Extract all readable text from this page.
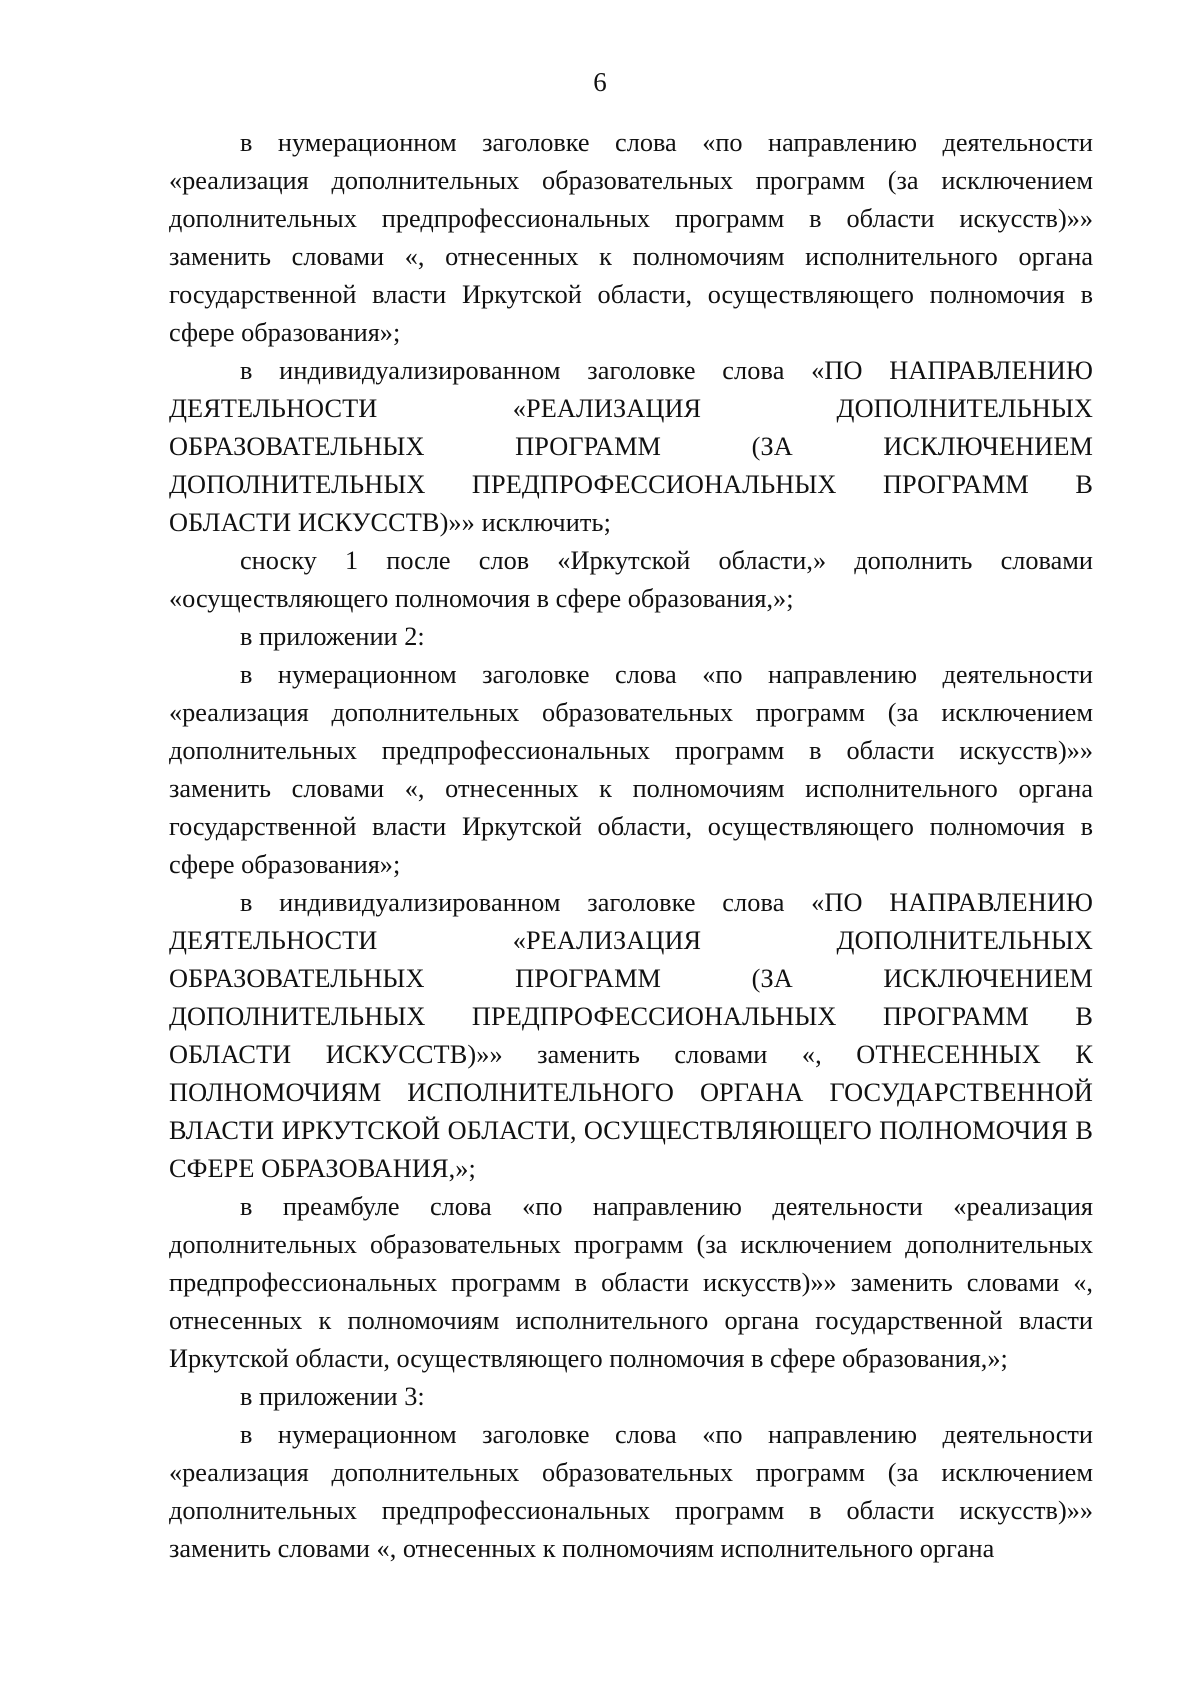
6

в нумерационном заголовке слова «по направлению деятельности «реализация дополнительных образовательных программ (за исключением дополнительных предпрофессиональных программ в области искусств)»» заменить словами «, отнесенных к полномочиям исполнительного органа государственной власти Иркутской области, осуществляющего полномочия в сфере образования»;

в индивидуализированном заголовке слова «ПО НАПРАВЛЕНИЮ ДЕЯТЕЛЬНОСТИ «РЕАЛИЗАЦИЯ ДОПОЛНИТЕЛЬНЫХ ОБРАЗОВАТЕЛЬНЫХ ПРОГРАММ (ЗА ИСКЛЮЧЕНИЕМ ДОПОЛНИТЕЛЬНЫХ ПРЕДПРОФЕССИОНАЛЬНЫХ ПРОГРАММ В ОБЛАСТИ ИСКУССТВ)»» исключить;

сноску 1 после слов «Иркутской области,» дополнить словами «осуществляющего полномочия в сфере образования,»;

в приложении 2:

в нумерационном заголовке слова «по направлению деятельности «реализация дополнительных образовательных программ (за исключением дополнительных предпрофессиональных программ в области искусств)»» заменить словами «, отнесенных к полномочиям исполнительного органа государственной власти Иркутской области, осуществляющего полномочия в сфере образования»;

в индивидуализированном заголовке слова «ПО НАПРАВЛЕНИЮ ДЕЯТЕЛЬНОСТИ «РЕАЛИЗАЦИЯ ДОПОЛНИТЕЛЬНЫХ ОБРАЗОВАТЕЛЬНЫХ ПРОГРАММ (ЗА ИСКЛЮЧЕНИЕМ ДОПОЛНИТЕЛЬНЫХ ПРЕДПРОФЕССИОНАЛЬНЫХ ПРОГРАММ В ОБЛАСТИ ИСКУССТВ)»» заменить словами «, ОТНЕСЕННЫХ К ПОЛНОМОЧИЯМ ИСПОЛНИТЕЛЬНОГО ОРГАНА ГОСУДАРСТВЕННОЙ ВЛАСТИ ИРКУТСКОЙ ОБЛАСТИ, ОСУЩЕСТВЛЯЮЩЕГО ПОЛНОМОЧИЯ В СФЕРЕ ОБРАЗОВАНИЯ,»;

в преамбуле слова «по направлению деятельности «реализация дополнительных образовательных программ (за исключением дополнительных предпрофессиональных программ в области искусств)»» заменить словами «, отнесенных к полномочиям исполнительного органа государственной власти Иркутской области, осуществляющего полномочия в сфере образования,»;

в приложении 3:

в нумерационном заголовке слова «по направлению деятельности «реализация дополнительных образовательных программ (за исключением дополнительных предпрофессиональных программ в области искусств)»» заменить словами «, отнесенных к полномочиям исполнительного органа
